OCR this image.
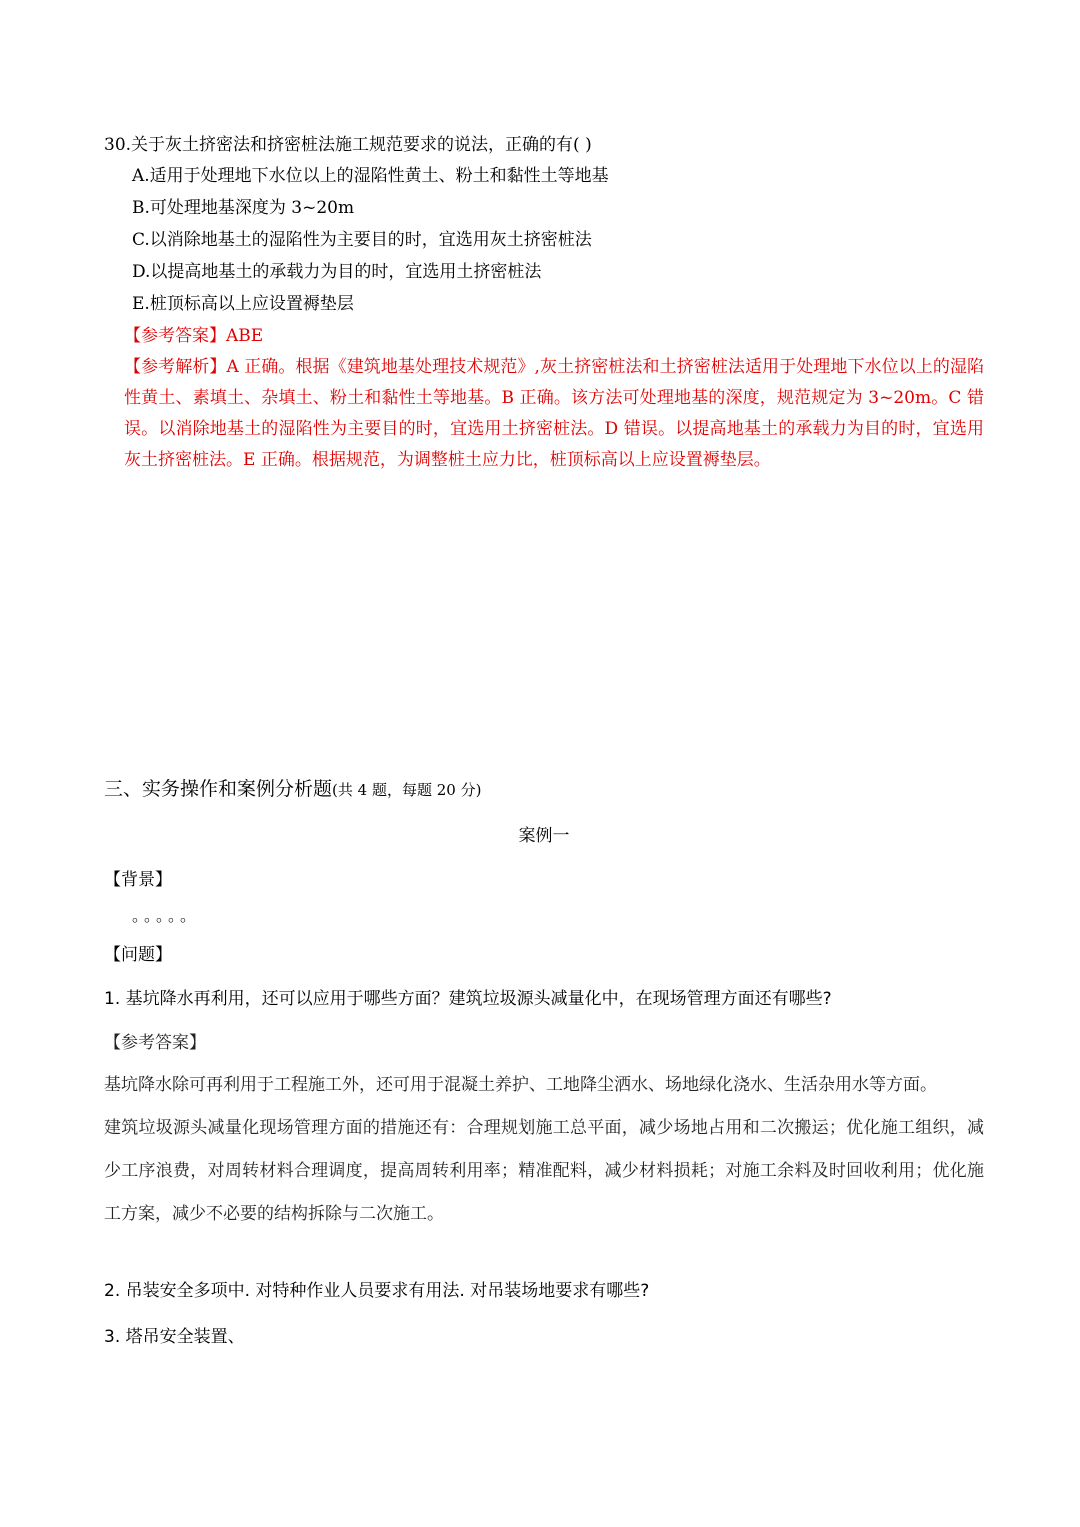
30.关于灰土挤密法和挤密桩法施工规范要求的说法，正确的有( )

A.适用于处理地下水位以上的湿陷性黄土、粉土和黏性土等地基

B.可处理地基深度为 3~20m

C.以消除地基土的湿陷性为主要目的时，宜选用灰土挤密桩法

D.以提高地基土的承载力为目的时，宜选用土挤密桩法

E.桩顶标高以上应设置褥垫层

【参考答案】ABE

【参考解析】A 正确。根据《建筑地基处理技术规范》,灰土挤密桩法和土挤密桩法适用于处理地下水位以上的湿陷性黄土、素填土、杂填土、粉土和黏性土等地基。B 正确。该方法可处理地基的深度，规范规定为 3~20m。C 错误。以消除地基土的湿陷性为主要目的时，宜选用土挤密桩法。D 错误。以提高地基土的承载力为目的时，宜选用灰土挤密桩法。E 正确。根据规范，为调整桩土应力比，桩顶标高以上应设置褥垫层。

三、实务操作和案例分析题(共 4 题，每题 20 分)

案例一

【背景】

。。。。。

【问题】

1. 基坑降水再利用，还可以应用于哪些方面？建筑垃圾源头减量化中，在现场管理方面还有哪些?

【参考答案】

基坑降水除可再利用于工程施工外，还可用于混凝土养护、工地降尘洒水、场地绿化浇水、生活杂用水等方面。

建筑垃圾源头减量化现场管理方面的措施还有：合理规划施工总平面，减少场地占用和二次搬运；优化施工组织，减少工序浪费，对周转材料合理调度，提高周转利用率；精准配料，减少材料损耗；对施工余料及时回收利用；优化施工方案，减少不必要的结构拆除与二次施工。

2. 吊装安全多项中. 对特种作业人员要求有用法. 对吊装场地要求有哪些?

3. 塔吊安全装置、
